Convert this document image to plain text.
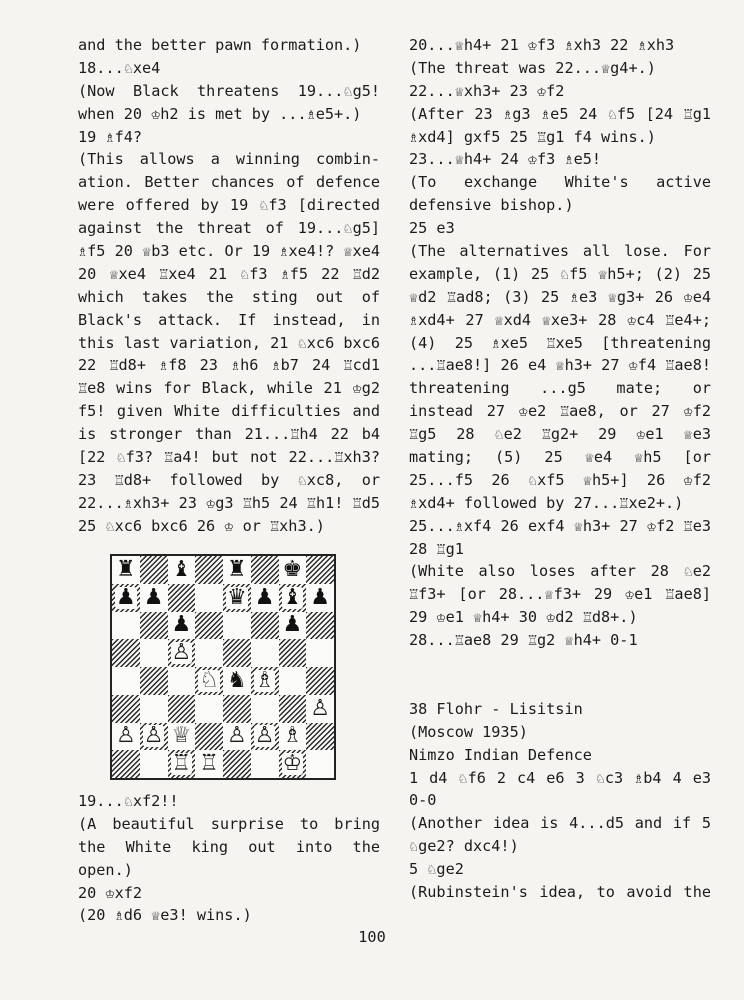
and the better pawn formation.)
18...♘xe4
(Now Black threatens 19...♘g5!
when 20 ♔h2 is met by ...♗e5+.)
19 ♗f4?
(This allows a winning combin-
ation. Better chances of defence
were offered by 19 ♘f3 [directed
against the threat of 19...♘g5]
♗f5 20 ♕b3 etc. Or 19 ♗xe4!? ♕xe4
20 ♕xe4 ♖xe4 21 ♘f3 ♗f5 22 ♖d2
which takes the sting out of
Black's attack. If instead, in
this last variation, 21 ♘xc6 bxc6
22 ♖d8+ ♗f8 23 ♗h6 ♗b7 24 ♖cd1
♖e8 wins for Black, while 21 ♔g2
f5! given White difficulties and
is stronger than 21...♖h4 22 b4
[22 ♘f3? ♖a4! but not 22...♖xh3?
23 ♖d8+ followed by ♘xc8, or
22...♗xh3+ 23 ♔g3 ♖h5 24 ♖h1! ♖d5
25 ♘xc6 bxc6 26 ♔ or ♖xh3.)
♜ ♝ ♜ ♚
♟ ♟	♛ ♟ ♝ ♟
♟	♟
♙
♘ ♞ ♗
♙
♙ ♙ ♕ ♙ ♙ ♗
♖ ♖	♔
19...♘xf2!!
(A beautiful surprise to bring
the White king out into the
open.)
20 ♔xf2
(20 ♗d6 ♕e3! wins.)
20...♕h4+ 21 ♔f3 ♗xh3 22 ♗xh3
(The threat was 22...♕g4+.)
22...♕xh3+ 23 ♔f2
(After 23 ♗g3 ♗e5 24 ♘f5 [24 ♖g1
♗xd4] gxf5 25 ♖g1 f4 wins.)
23...♕h4+ 24 ♔f3 ♗e5!
(To exchange White's active
defensive bishop.)
25 e3
(The alternatives all lose. For
example, (1) 25 ♘f5 ♕h5+; (2) 25
♕d2 ♖ad8; (3) 25 ♗e3 ♕g3+ 26 ♔e4
♗xd4+ 27 ♕xd4 ♕xe3+ 28 ♔c4 ♖e4+;
(4) 25 ♗xe5 ♖xe5 [threatening
...♖ae8!] 26 e4 ♕h3+ 27 ♔f4 ♖ae8!
threatening ...g5 mate; or
instead 27 ♔e2 ♖ae8, or 27 ♔f2
♖g5 28 ♘e2 ♖g2+ 29 ♔e1 ♕e3
mating; (5) 25 ♕e4 ♕h5 [or
25...f5 26 ♘xf5 ♕h5+] 26 ♔f2
♗xd4+ followed by 27...♖xe2+.)
25...♗xf4 26 exf4 ♕h3+ 27 ♔f2 ♖e3
28 ♖g1
(White also loses after 28 ♘e2
♖f3+ [or 28...♕f3+ 29 ♔e1 ♖ae8]
29 ♔e1 ♕h4+ 30 ♔d2 ♖d8+.)
28...♖ae8 29 ♖g2 ♕h4+ 0-1
38 Flohr - Lisitsin
(Moscow 1935)
Nimzo Indian Defence
1 d4 ♘f6 2 c4 e6 3 ♘c3 ♗b4 4 e3
0-0
(Another idea is 4...d5 and if 5
♘ge2? dxc4!)
5 ♘ge2
(Rubinstein's idea, to avoid the
100
